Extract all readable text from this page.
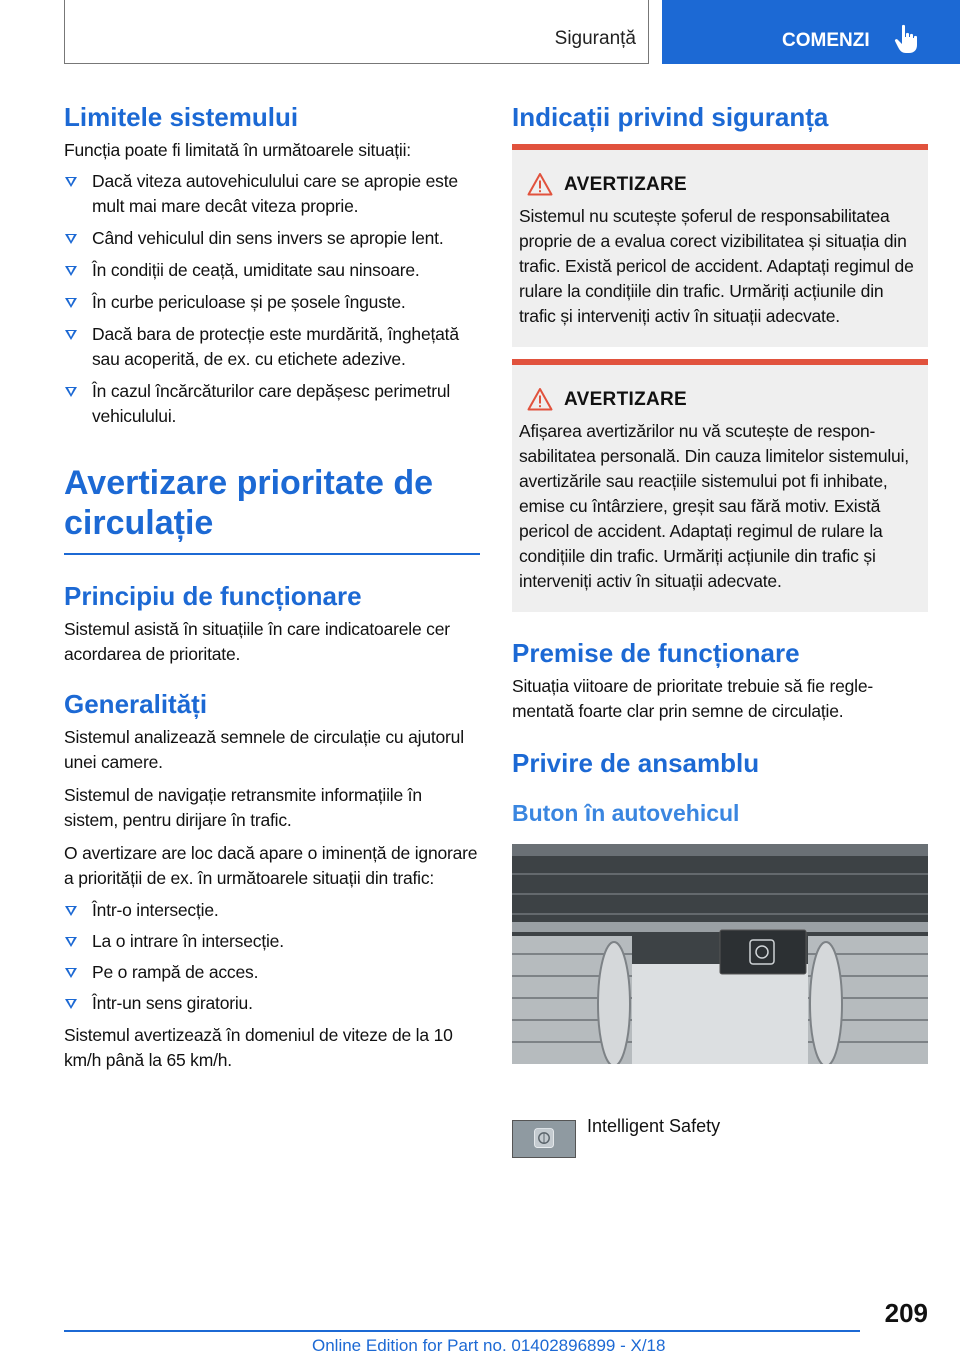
Siguranță	COMENZI
Limitele sistemului

Funcția poate fi limitată în următoarele situații:

Dacă viteza autovehiculului care se apropie este mult mai mare decât viteza proprie.
Când vehiculul din sens invers se apropie lent.
În condiții de ceață, umiditate sau ninsoare.
În curbe periculoase și pe șosele înguste.
Dacă bara de protecție este murdărită, înghețată sau acoperită, de ex. cu etichete adezive.
În cazul încărcăturilor care depășesc perimetrul vehiculului.
Avertizare prioritate de circulație
Principiu de funcționare

Sistemul asistă în situațiile în care indicatoarele cer acordarea de prioritate.

Generalități

Sistemul analizează semnele de circulație cu ajutorul unei camere.

Sistemul de navigație retransmite informațiile în sistem, pentru dirijare în trafic.

O avertizare are loc dacă apare o iminență de ignorare a priorității de ex. în următoarele situații din trafic:

Într-o intersecție.
La o intrare în intersecție.
Pe o rampă de acces.
Într-un sens giratoriu.

Sistemul avertizează în domeniul de viteze de la 10 km/h până la 65 km/h.

Indicații privind siguranța
AVERTIZARE

Sistemul nu scutește șoferul de responsabilitatea proprie de a evalua corect vizibilitatea și situația din trafic. Există pericol de accident. Adaptați regimul de rulare la condițiile din trafic. Urmăriți acțiunile din trafic și interveniți activ în situații adecvate.

AVERTIZARE

Afișarea avertizărilor nu vă scutește de responsabilitatea personală. Din cauza limitelor sistemului, avertizările sau reacțiile sistemului pot fi inhibate, emise cu întârziere, greșit sau fără motiv. Există pericol de accident. Adaptați regimul de rulare la condițiile din trafic. Urmăriți acțiunile din trafic și interveniți activ în situații adecvate.

Premise de funcționare

Situația viitoare de prioritate trebuie să fie reglementată foarte clar prin semne de circulație.

Privire de ansamblu
Buton în autovehicul
Intelligent Safety
209
Online Edition for Part no. 01402896899 - X/18
